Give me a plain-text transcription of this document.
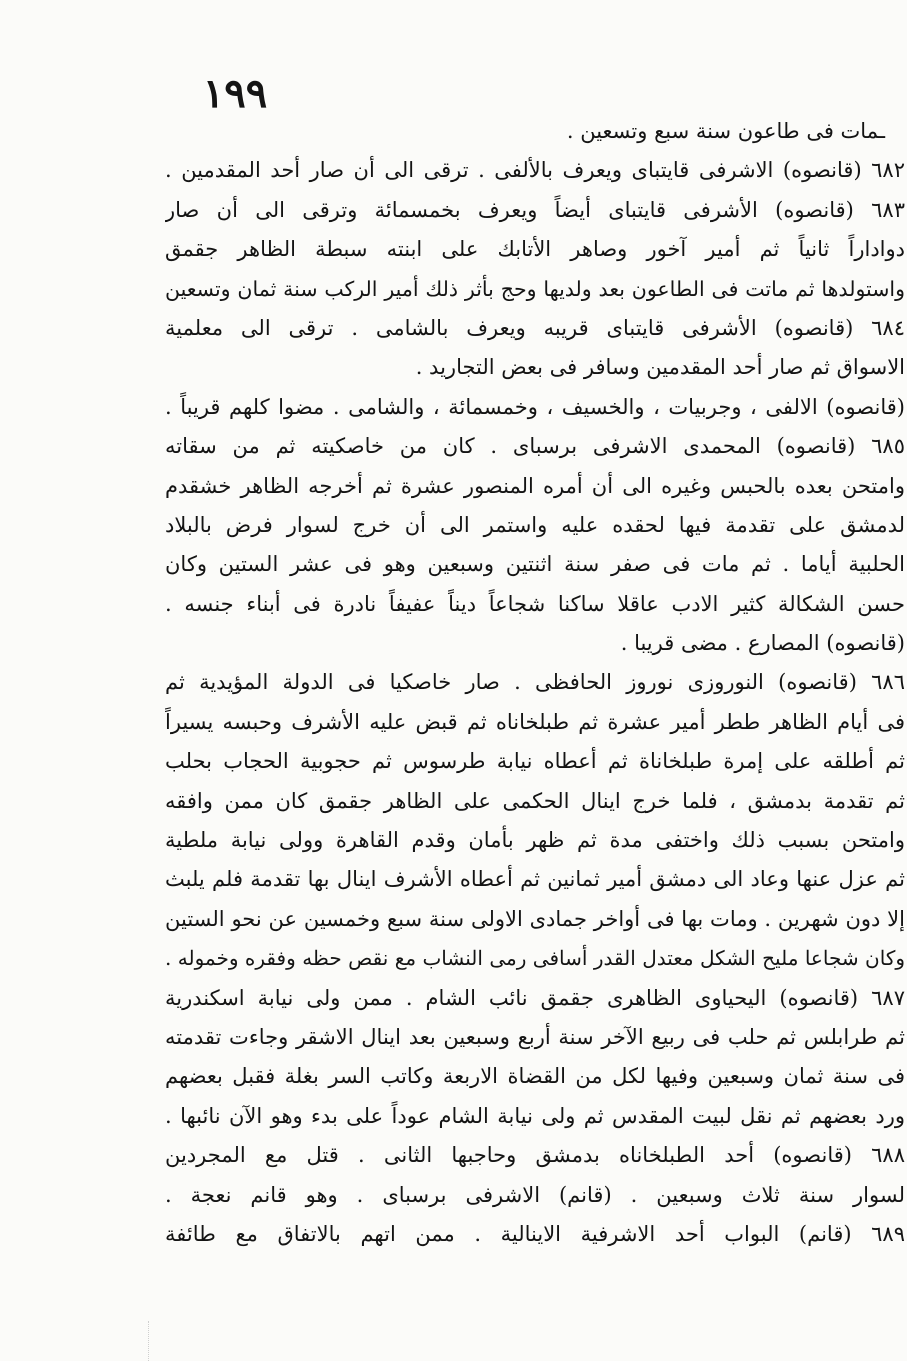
١٩٩
ـمات فى طاعون سنة سبع وتسعين .
٦٨٢ (قانصوه) الاشرفى قايتباى ويعرف بالألفى . ترقى الى أن صار أحد المقدمين .
٦٨٣ (قانصوه) الأشرفى قايتباى أيضاً ويعرف بخمسمائة وترقى الى أن صار
دواداراً ثانياً ثم أمير آخور وصاهر الأتابك على ابنته سبطة الظاهر جقمق
واستولدها ثم ماتت فى الطاعون بعد ولديها وحج بأثر ذلك أمير الركب سنة ثمان وتسعين
٦٨٤ (قانصوه) الأشرفى قايتباى قريبه ويعرف بالشامى . ترقى الى معلمية
الاسواق ثم صار أحد المقدمين وسافر فى بعض التجاريد .
(قانصوه) الالفى ، وجربيات ، والخسيف ، وخمسمائة ، والشامى . مضوا كلهم قريباً .
٦٨٥ (قانصوه) المحمدى الاشرفى برسباى . كان من خاصكيته ثم من سقاته
وامتحن بعده بالحبس وغيره الى أن أمره المنصور عشرة ثم أخرجه الظاهر خشقدم
لدمشق على تقدمة فيها لحقده عليه واستمر الى أن خرج لسوار فرض بالبلاد
الحلبية أياما . ثم مات فى صفر سنة اثنتين وسبعين وهو فى عشر الستين وكان
حسن الشكالة كثير الادب عاقلا ساكنا شجاعاً ديناً عفيفاً نادرة فى أبناء جنسه .
(قانصوه) المصارع . مضى قريبا .
٦٨٦ (قانصوه) النوروزى نوروز الحافظى . صار خاصكيا فى الدولة المؤيدية ثم
فى أيام الظاهر ططر أمير عشرة ثم طبلخاناه ثم قبض عليه الأشرف وحبسه يسيراً
ثم أطلقه على إمرة طبلخاناة ثم أعطاه نيابة طرسوس ثم حجوبية الحجاب بحلب
ثم تقدمة بدمشق ، فلما خرج اينال الحكمى على الظاهر جقمق كان ممن وافقه
وامتحن بسبب ذلك واختفى مدة ثم ظهر بأمان وقدم القاهرة وولى نيابة ملطية
ثم عزل عنها وعاد الى دمشق أمير ثمانين ثم أعطاه الأشرف اينال بها تقدمة فلم يلبث
إلا دون شهرين . ومات بها فى أواخر جمادى الاولى سنة سبع وخمسين عن نحو الستين
وكان شجاعا مليح الشكل معتدل القدر أسافى رمى النشاب مع نقص حظه وفقره وخموله .
٦٨٧ (قانصوه) اليحياوى الظاهرى جقمق نائب الشام . ممن ولى نيابة اسكندرية
ثم طرابلس ثم حلب فى ربيع الآخر سنة أربع وسبعين بعد اينال الاشقر وجاءت تقدمته
فى سنة ثمان وسبعين وفيها لكل من القضاة الاربعة وكاتب السر بغلة فقبل بعضهم
ورد بعضهم ثم نقل لبيت المقدس ثم ولى نيابة الشام عوداً على بدء وهو الآن نائبها .
٦٨٨ (قانصوه) أحد الطبلخاناه بدمشق وحاجبها الثانى . قتل مع المجردين
لسوار سنة ثلاث وسبعين . (قانم) الاشرفى برسباى . وهو قانم نعجة .
٦٨٩ (قانم) البواب أحد الاشرفية الاينالية . ممن اتهم بالاتفاق مع طائفة
